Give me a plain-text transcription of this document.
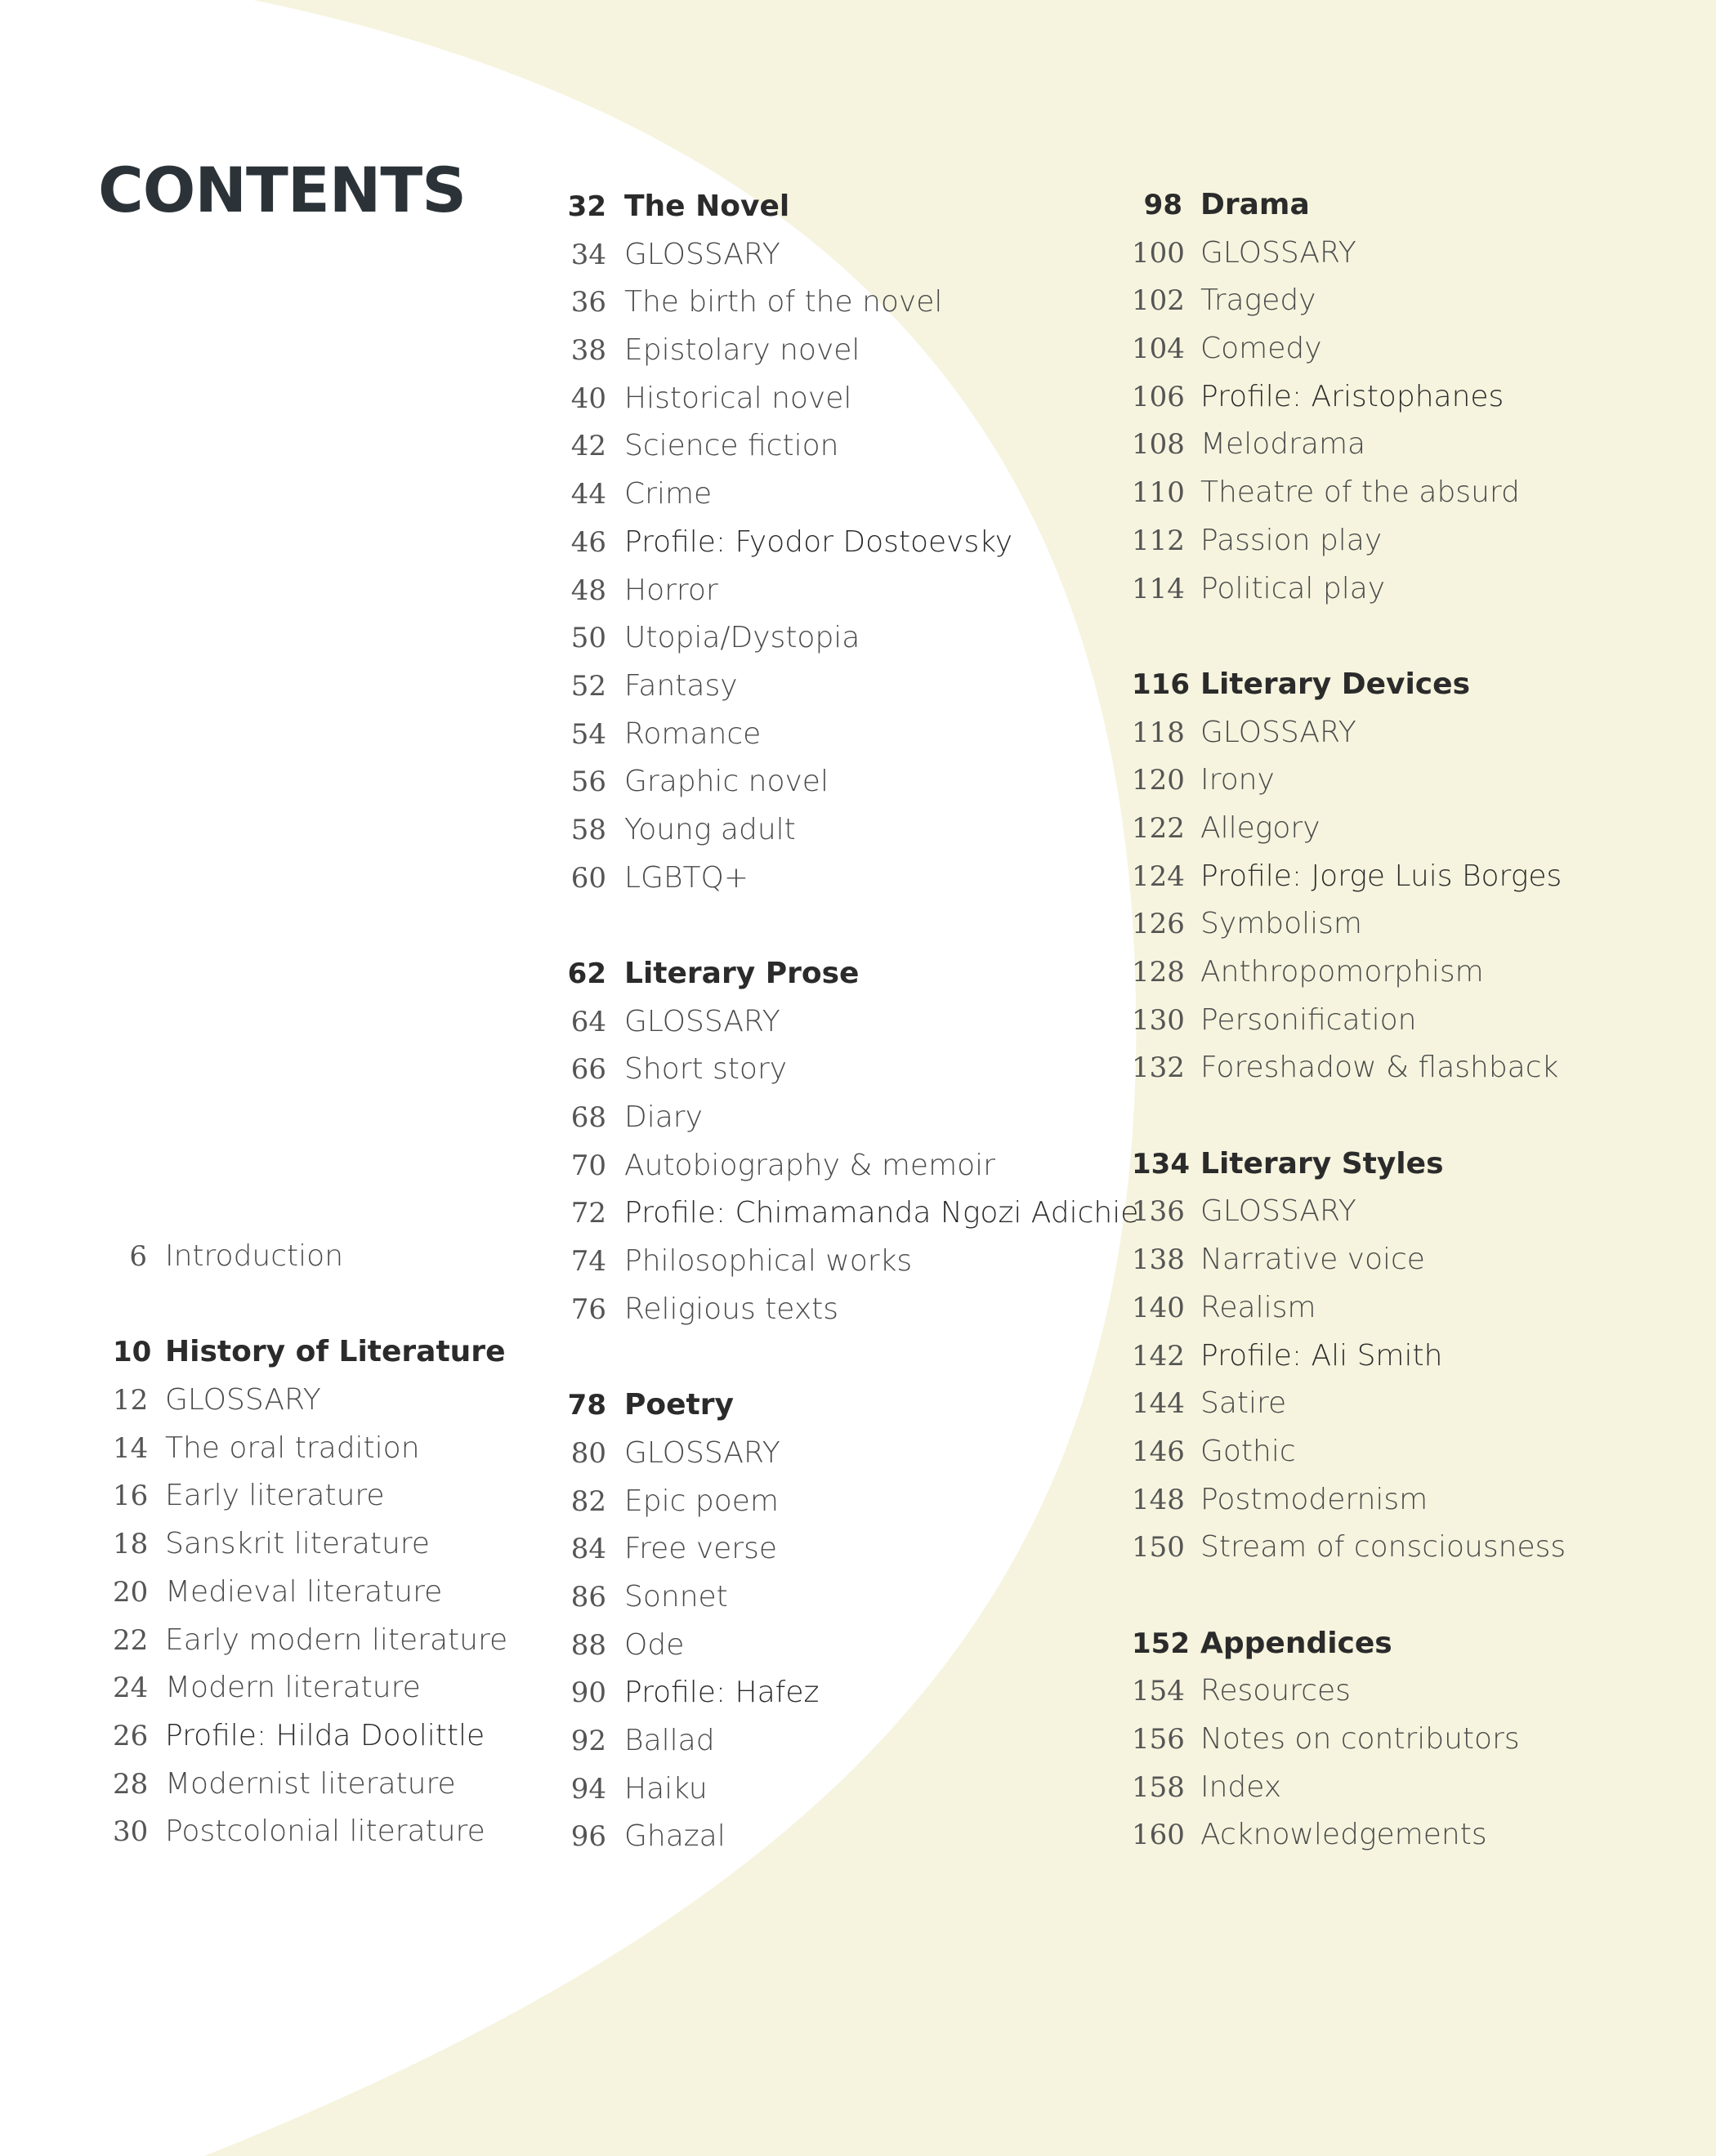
CONTENTS
6 Introduction
10 History of Literature
12 GLOSSARY
14 The oral tradition
16 Early literature
18 Sanskrit literature
20 Medieval literature
22 Early modern literature
24 Modern literature
26 Profile: Hilda Doolittle
28 Modernist literature
30 Postcolonial literature
32 The Novel
34 GLOSSARY
36 The birth of the novel
38 Epistolary novel
40 Historical novel
42 Science fiction
44 Crime
46 Profile: Fyodor Dostoevsky
48 Horror
50 Utopia/Dystopia
52 Fantasy
54 Romance
56 Graphic novel
58 Young adult
60 LGBTQ+
62 Literary Prose
64 GLOSSARY
66 Short story
68 Diary
70 Autobiography & memoir
72 Profile: Chimamanda Ngozi Adichie
74 Philosophical works
76 Religious texts
78 Poetry
80 GLOSSARY
82 Epic poem
84 Free verse
86 Sonnet
88 Ode
90 Profile: Hafez
92 Ballad
94 Haiku
96 Ghazal
98 Drama
100 GLOSSARY
102 Tragedy
104 Comedy
106 Profile: Aristophanes
108 Melodrama
110 Theatre of the absurd
112 Passion play
114 Political play
116 Literary Devices
118 GLOSSARY
120 Irony
122 Allegory
124 Profile: Jorge Luis Borges
126 Symbolism
128 Anthropomorphism
130 Personification
132 Foreshadow & flashback
134 Literary Styles
136 GLOSSARY
138 Narrative voice
140 Realism
142 Profile: Ali Smith
144 Satire
146 Gothic
148 Postmodernism
150 Stream of consciousness
152 Appendices
154 Resources
156 Notes on contributors
158 Index
160 Acknowledgements
